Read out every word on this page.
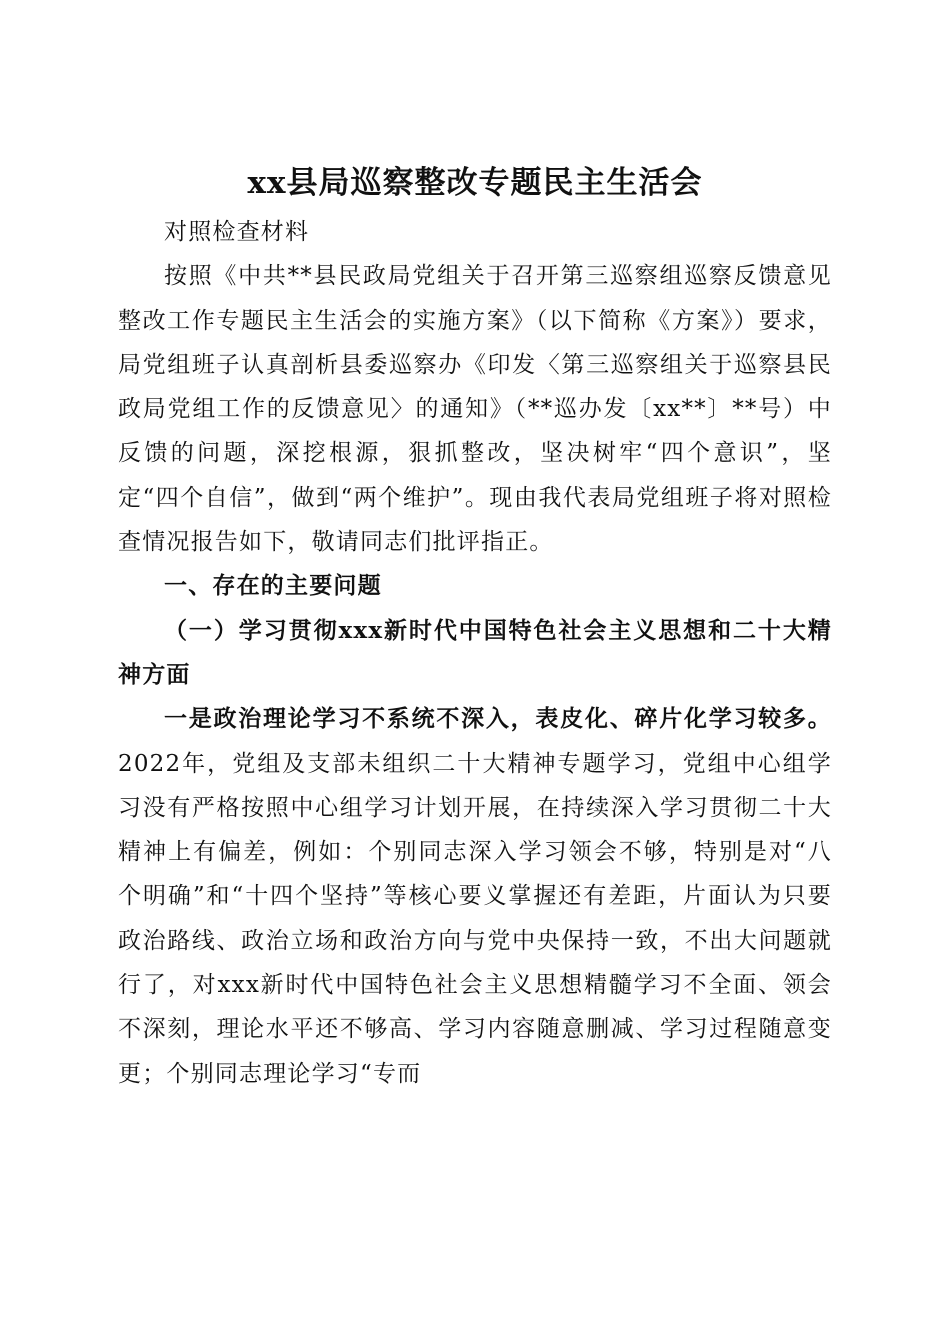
xx县局巡察整改专题民主生活会

对照检查材料

按照《中共**县民政局党组关于召开第三巡察组巡察反馈意见整改工作专题民主生活会的实施方案》（以下简称《方案》）要求，局党组班子认真剖析县委巡察办《印发〈第三巡察组关于巡察县民政局党组工作的反馈意见〉的通知》（**巡办发〔xx**〕**号）中反馈的问题，深挖根源，狠抓整改，坚决树牢“四个意识”，坚定“四个自信”，做到“两个维护”。现由我代表局党组班子将对照检查情况报告如下，敬请同志们批评指正。

一、存在的主要问题

（一）学习贯彻xxx新时代中国特色社会主义思想和二十大精神方面

一是政治理论学习不系统不深入，表皮化、碎片化学习较多。2022年，党组及支部未组织二十大精神专题学习，党组中心组学习没有严格按照中心组学习计划开展，在持续深入学习贯彻二十大精神上有偏差，例如：个别同志深入学习领会不够，特别是对“八个明确”和“十四个坚持”等核心要义掌握还有差距，片面认为只要政治路线、政治立场和政治方向与党中央保持一致，不出大问题就行了，对xxx新时代中国特色社会主义思想精髓学习不全面、领会不深刻，理论水平还不够高、学习内容随意删减、学习过程随意变更；个别同志理论学习“专而
